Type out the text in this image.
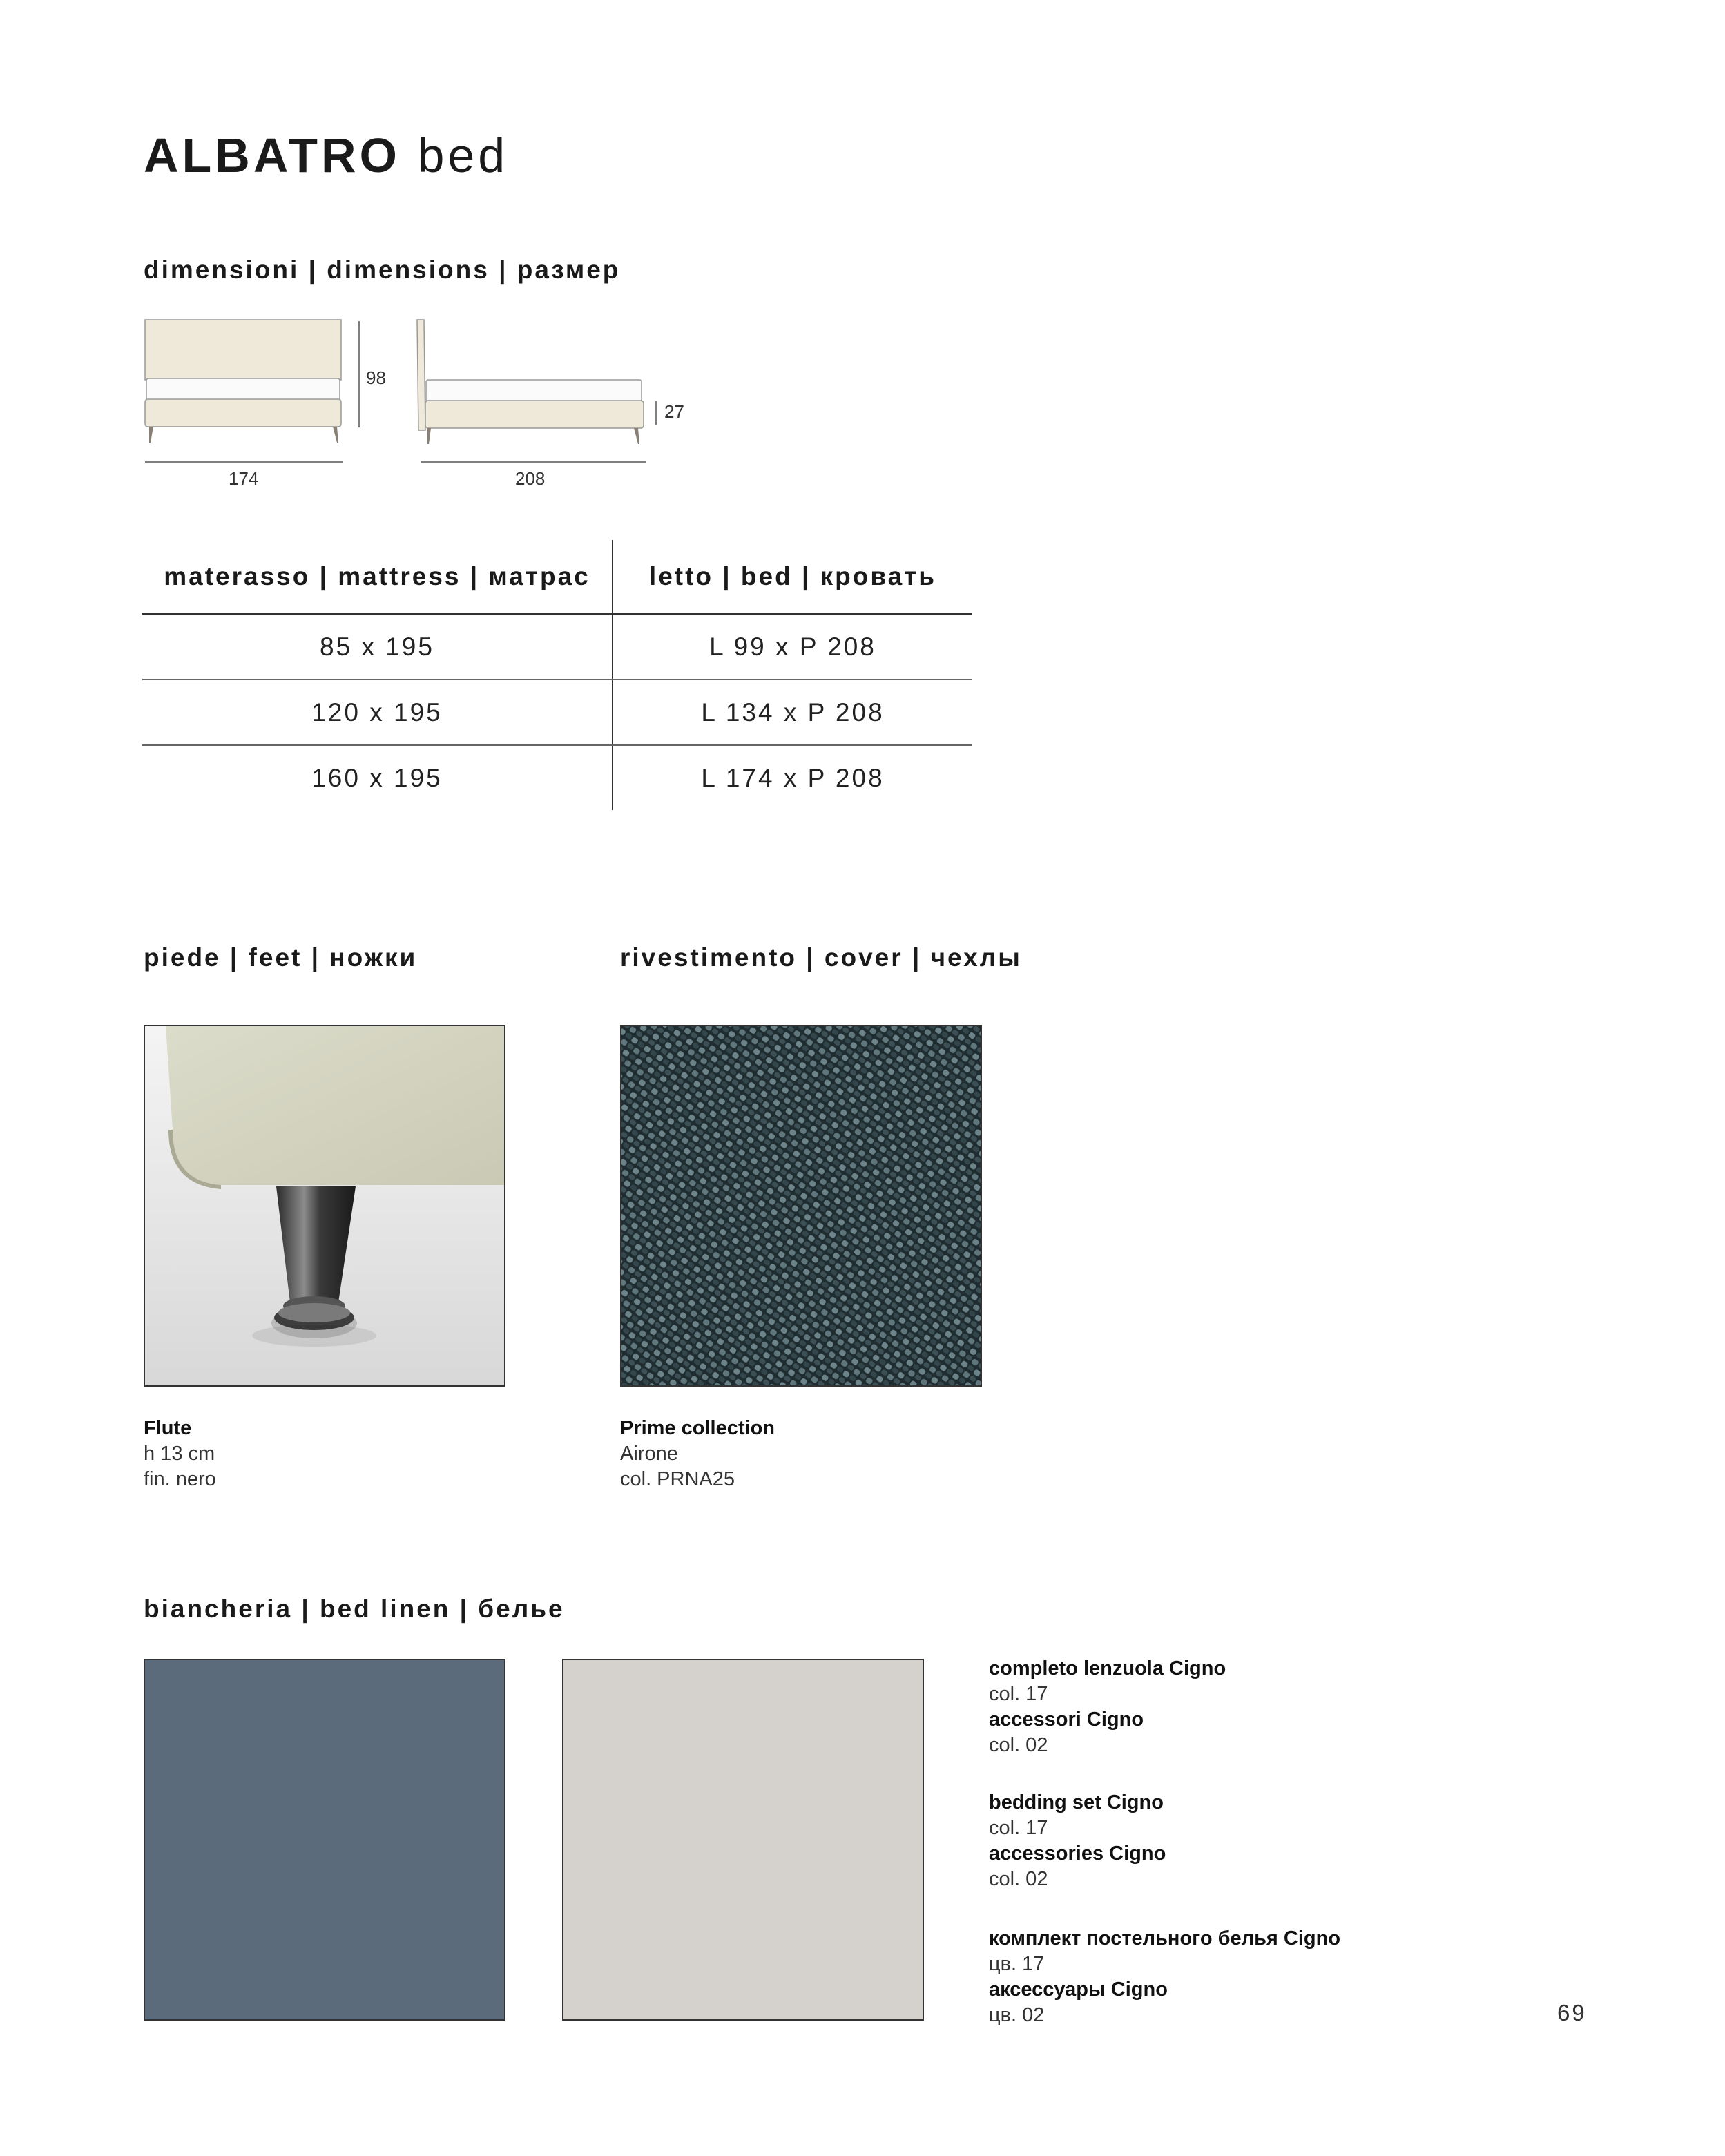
ALBATRO bed
dimensioni | dimensions | размер
98
174
27
208
materasso | mattress | матрас	letto | bed | кровать
85 x 195	L 99 x P 208
120 x 195	L 134 x P 208
160 x 195	L 174 x P 208
piede | feet | ножки
Flute
h 13 cm
fin. nero
rivestimento | cover | чехлы
Prime collection
Airone
col. PRNA25
biancheria | bed linen | белье
completo lenzuola Cigno
col. 17
accessori Cigno
col. 02
bedding set Cigno
col. 17
accessories Cigno
col. 02
комплект постельного белья Cigno
цв. 17
аксессуары Cigno
цв. 02	69
